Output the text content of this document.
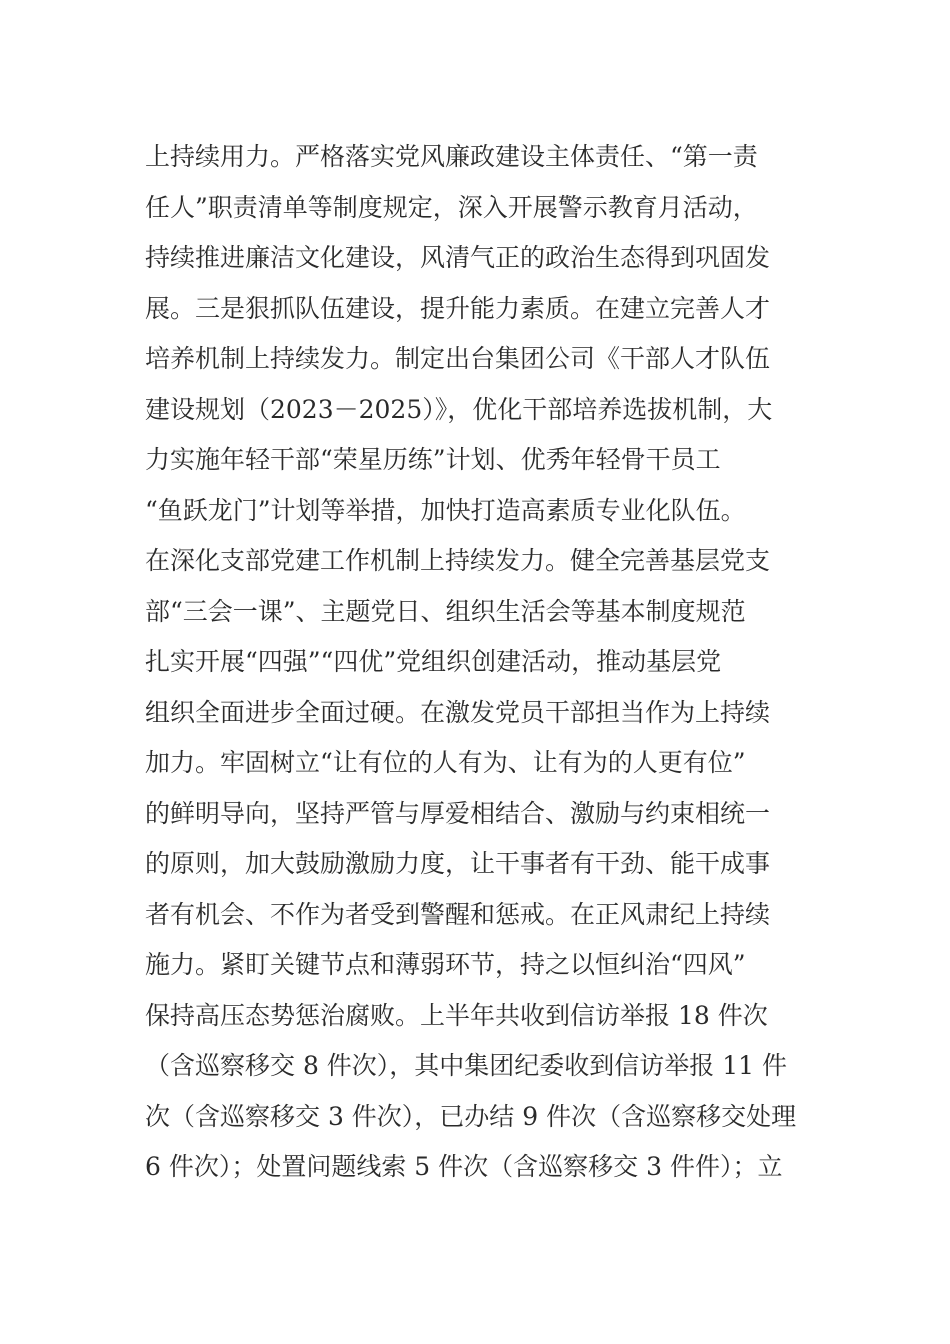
上持续用力。严格落实党风廉政建设主体责任、“第一责
任人”职责清单等制度规定，深入开展警示教育月活动，
持续推进廉洁文化建设，风清气正的政治生态得到巩固发
展。三是狠抓队伍建设，提升能力素质。在建立完善人才
培养机制上持续发力。制定出台集团公司《干部人才队伍
建设规划（2023－2025）》，优化干部培养选拔机制，大
力实施年轻干部“荣星历练”计划、优秀年轻骨干员工
“鱼跃龙门”计划等举措，加快打造高素质专业化队伍。
在深化支部党建工作机制上持续发力。健全完善基层党支
部“三会一课”、主题党日、组织生活会等基本制度规范
扎实开展“四强”“四优”党组织创建活动，推动基层党
组织全面进步全面过硬。在激发党员干部担当作为上持续
加力。牢固树立“让有位的人有为、让有为的人更有位”
的鲜明导向，坚持严管与厚爱相结合、激励与约束相统一
的原则，加大鼓励激励力度，让干事者有干劲、能干成事
者有机会、不作为者受到警醒和惩戒。在正风肃纪上持续
施力。紧盯关键节点和薄弱环节，持之以恒纠治“四风”
保持高压态势惩治腐败。上半年共收到信访举报 18 件次
（含巡察移交 8 件次），其中集团纪委收到信访举报 11 件
次（含巡察移交 3 件次），已办结 9 件次（含巡察移交处理
6 件次）；处置问题线索 5 件次（含巡察移交 3 件件）；立
